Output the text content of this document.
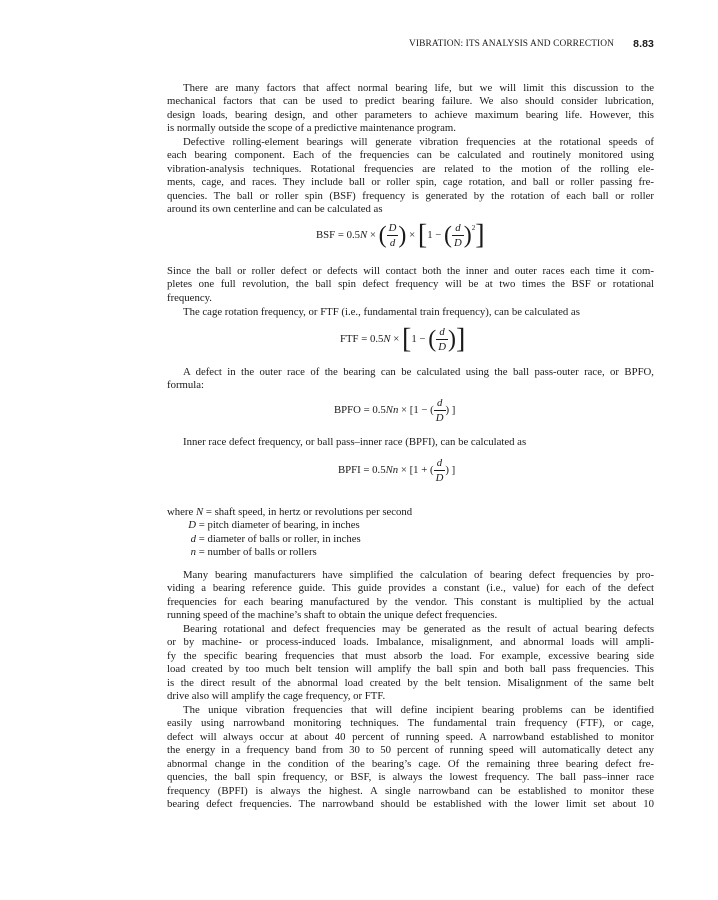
VIBRATION: ITS ANALYSIS AND CORRECTION 8.83
There are many factors that affect normal bearing life, but we will limit this discussion to the
mechanical factors that can be used to predict bearing failure. We also should consider lubrication,
design loads, bearing design, and other parameters to achieve maximum bearing life. However, this
is normally outside the scope of a predictive maintenance program.
Defective rolling-element bearings will generate vibration frequencies at the rotational speeds of
each bearing component. Each of the frequencies can be calculated and routinely monitored using
vibration-analysis techniques. Rotational frequencies are related to the motion of the rolling ele-
ments, cage, and races. They include ball or roller spin, cage rotation, and ball or roller passing fre-
quencies. The ball or roller spin (BSF) frequency is generated by the rotation of each ball or roller
around its own centerline and can be calculated as
BSF = 0.5N × ( $\frac{D}{d}$ ) × [1 − ( $\frac{d}{D} )^2$]
Since the ball or roller defect or defects will contact both the inner and outer races each time it com-
pletes one full revolution, the ball spin defect frequency will be at two times the BSF or rotational
frequency.
The cage rotation frequency, or FTF (i.e., fundamental train frequency), can be calculated as
FTF = 0.5N × [1 − ( $\frac{d}{D}$ )]
A defect in the outer race of the bearing can be calculated using the ball pass-outer race, or BPFO,
formula:
BPFO = 0.5Nn × [1 − ( $\frac{d}{D}$ ) ]
Inner race defect frequency, or ball pass–inner race (BPFI), can be calculated as
BPFI = 0.5Nn × [1 + ( $\frac{d}{D}$ ) ]
where N = shaft speed, in hertz or revolutions per second
D = pitch diameter of bearing, in inches
d = diameter of balls or roller, in inches
n = number of balls or rollers
Many bearing manufacturers have simplified the calculation of bearing defect frequencies by pro-
viding a bearing reference guide. This guide provides a constant (i.e., value) for each of the defect
frequencies for each bearing manufactured by the vendor. This constant is multiplied by the actual
running speed of the machine’s shaft to obtain the unique defect frequencies.
Bearing rotational and defect frequencies may be generated as the result of actual bearing defects
or by machine- or process-induced loads. Imbalance, misalignment, and abnormal loads will ampli-
fy the specific bearing frequencies that must absorb the load. For example, excessive bearing side
load created by too much belt tension will amplify the ball spin and both ball pass frequencies. This
is the direct result of the abnormal load created by the belt tension. Misalignment of the same belt
drive also will amplify the cage frequency, or FTF.
The unique vibration frequencies that will define incipient bearing problems can be identified
easily using narrowband monitoring techniques. The fundamental train frequency (FTF), or cage,
defect will always occur at about 40 percent of running speed. A narrowband established to monitor
the energy in a frequency band from 30 to 50 percent of running speed will automatically detect any
abnormal change in the condition of the bearing’s cage. Of the remaining three bearing defect fre-
quencies, the ball spin frequency, or BSF, is always the lowest frequency. The ball pass–inner race
frequency (BPFI) is always the highest. A single narrowband can be established to monitor these
bearing defect frequencies. The narrowband should be established with the lower limit set about 10
